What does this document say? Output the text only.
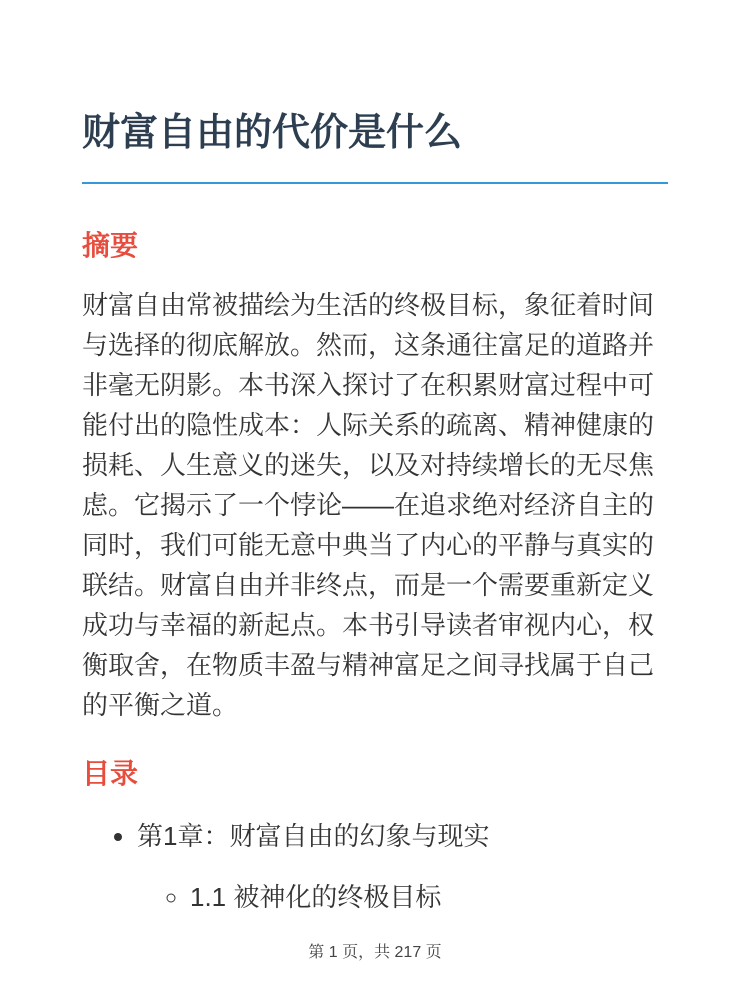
财富自由的代价是什么
摘要

财富自由常被描绘为生活的终极目标，象征着时间与选择的彻底解放。然而，这条通往富足的道路并非毫无阴影。本书深入探讨了在积累财富过程中可能付出的隐性成本：人际关系的疏离、精神健康的损耗、人生意义的迷失，以及对持续增长的无尽焦虑。它揭示了一个悖论——在追求绝对经济自主的同时，我们可能无意中典当了内心的平静与真实的联结。财富自由并非终点，而是一个需要重新定义成功与幸福的新起点。本书引导读者审视内心，权衡取舍，在物质丰盈与精神富足之间寻找属于自己的平衡之道。

目录
• 第1章：财富自由的幻象与现实
◦ 1.1 被神化的终极目标
第 1 页，共 217 页
